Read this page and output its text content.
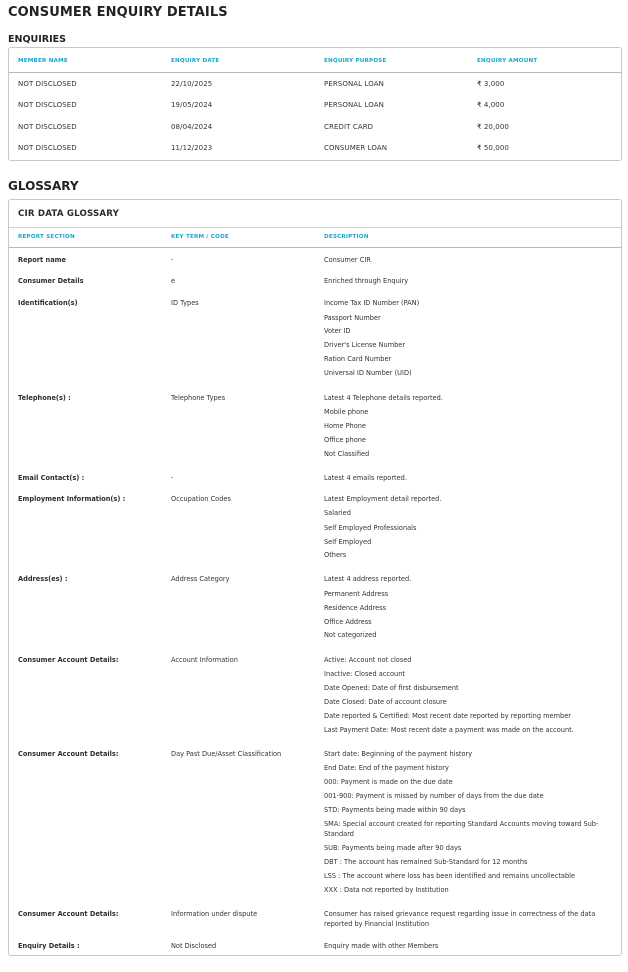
CONSUMER ENQUIRY DETAILS
ENQUIRIES
MEMBER NAME	ENQUIRY DATE	ENQUIRY PURPOSE	ENQUIRY AMOUNT
NOT DISCLOSED	22/10/2025	PERSONAL LOAN	₹ 3,000
NOT DISCLOSED	19/05/2024	PERSONAL LOAN	₹ 4,000
NOT DISCLOSED	08/04/2024	CREDIT CARD	₹ 20,000
NOT DISCLOSED	11/12/2023	CONSUMER LOAN	₹ 50,000
GLOSSARY
CIR DATA GLOSSARY
REPORT SECTION	KEY TERM / CODE	DESCRIPTION
Report name	-	Consumer CIR
Consumer Details	e	Enriched through Enquiry
Identification(s)	ID Types	Income Tax ID Number (PAN)
Passport Number
Voter ID
Driver's License Number
Ration Card Number
Universal ID Number (UID)
Telephone(s) :	Telephone Types	Latest 4 Telephone details reported.
Mobile phone
Home Phone
Office phone
Not Classified
Email Contact(s) :	-	Latest 4 emails reported.
Employment Information(s) :	Occupation Codes	Latest Employment detail reported.
Salaried
Self Employed Professionals
Self Employed
Others
Address(es) :	Address Category	Latest 4 address reported.
Permanent Address
Residence Address
Office Address
Not categorized
Consumer Account Details:	Account Information	Active: Account not closed
Inactive: Closed account
Date Opened: Date of first disbursement
Date Closed: Date of account closure
Date reported & Certified: Most recent date reported by reporting member
Last Payment Date: Most recent date a payment was made on the account.
Consumer Account Details:	Day Past Due/Asset Classification	Start date: Beginning of the payment history
End Date: End of the payment history
000: Payment is made on the due date
001-900: Payment is missed by number of days from the due date
STD: Payments being made within 90 days
SMA: Special account created for reporting Standard Accounts moving toward Sub-Standard
SUB: Payments being made after 90 days
DBT : The account has remained Sub-Standard for 12 months
LSS : The account where loss has been identified and remains uncollectable
XXX : Data not reported by Institution
Consumer Account Details:	Information under dispute	Consumer has raised grievance request regarding issue in correctness of the data reported by Financial Institution
Enquiry Details :	Not Disclosed	Enquiry made with other Members
